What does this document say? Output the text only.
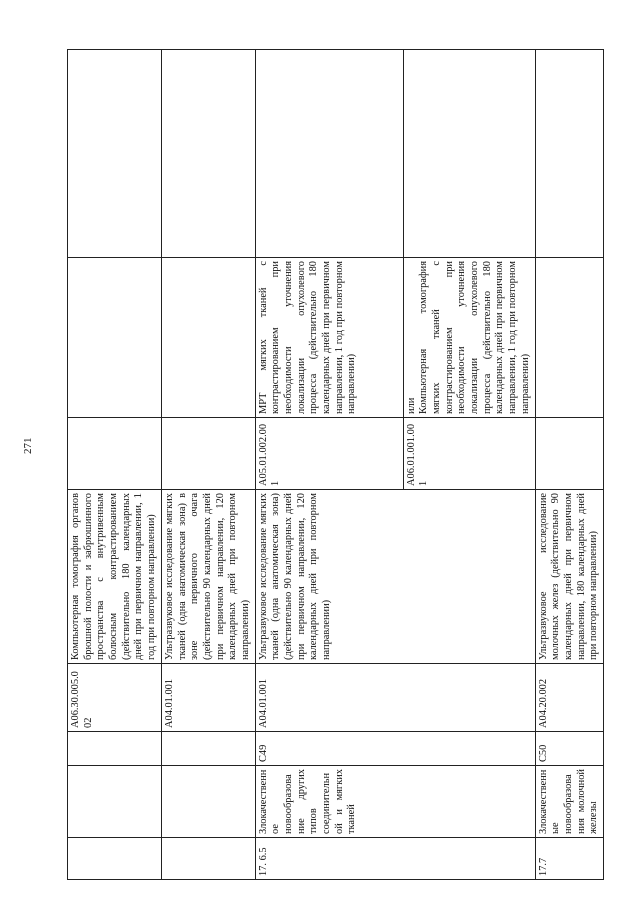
271
			A06.30.005.002	Компьютерная томография органов брюшной полости и забрюшинного пространства с внутривенным болюсным контрастированием (действительно 180 календарных дней при первичном направлении, 1 год при повторном направлении)			
			A04.01.001	Ультразвуковое исследование мягких тканей (одна анатомическая зона) в зоне первичного очага (действительно 90 календарных дней при первичном направлении, 120 календарных дней при повторном направлении)			
17. 6.5	Злокачественное новообразование других типов соединительной и мягких тканей	C49	A04.01.001	Ультразвуковое исследование мягких тканей (одна анатомическая зона) (действительно 90 календарных дней при первичном направлении, 120 календарных дней при повторном направлении)	A05.01.002.001	МРТ мягких тканей с контрастированием при необходимости уточнения локализации опухолевого процесса (действительно 180 календарных дней при первичном направлении, 1 год при повторном направлении)	
					A06.01.001.001	или Компьютерная томография мягких тканей с контрастированием при необходимости уточнения локализации опухолевого процесса (действительно 180 календарных дней при первичном направлении, 1 год при повторном направлении)	

17.7	Злокачественные новообразования молочной железы	C50	A04.20.002	Ультразвуковое исследование молочных желез (действительно 90 календарных дней при первичном направлении, 180 календарных дней при повторном направлении)			
